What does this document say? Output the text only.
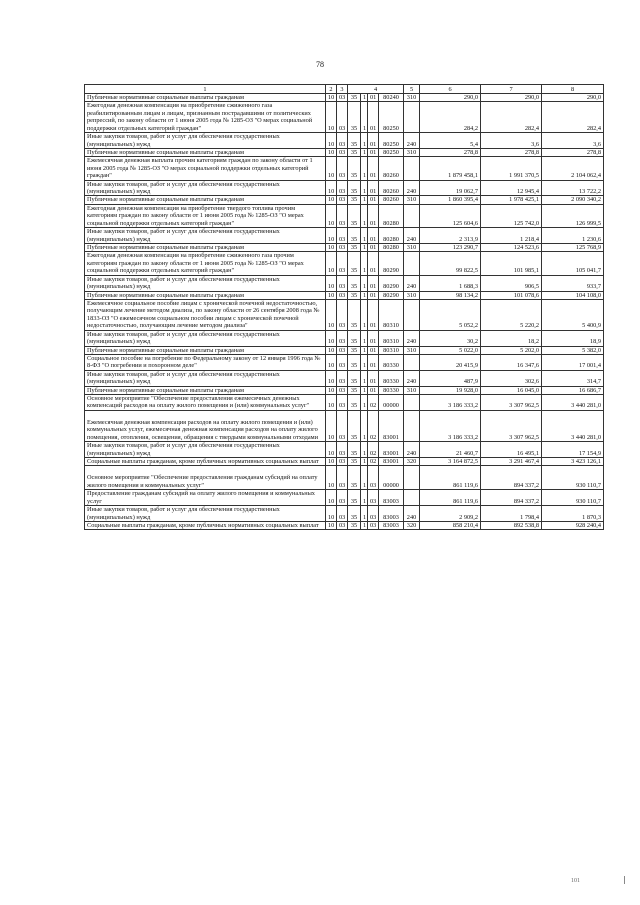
78
1	2	3	4				5	6	7	8
Публичные нормативные социальные выплаты гражданам	10	03	35	1	01	80240	310	290,0	290,0	290,0
Ежегодная денежная компенсация на приобретение сжиженного газа реабилитированным лицам и лицам, признанным пострадавшими от политических репрессий, по закону области от 1 июня 2005 года № 1285-ОЗ "О мерах социальной поддержки отдельных категорий граждан"	10	03	35	1	01	80250		284,2	282,4	282,4
Иные закупки товаров, работ и услуг для обеспечения государственных (муниципальных) нужд	10	03	35	1	01	80250	240	5,4	3,6	3,6
Публичные нормативные социальные выплаты гражданам	10	03	35	1	01	80250	310	278,8	278,8	278,8
Ежемесячная денежная выплата прочим категориям граждан по закону области от 1 июня 2005 года № 1285-ОЗ "О мерах социальной поддержки отдельных категорий граждан"	10	03	35	1	01	80260		1 879 458,1	1 991 370,5	2 104 062,4
Иные закупки товаров, работ и услуг для обеспечения государственных (муниципальных) нужд	10	03	35	1	01	80260	240	19 062,7	12 945,4	13 722,2
Публичные нормативные социальные выплаты гражданам	10	03	35	1	01	80260	310	1 860 395,4	1 978 425,1	2 090 340,2
Ежегодная денежная компенсация на приобретение твердого топлива прочим категориям граждан по закону области от 1 июня 2005 года № 1285-ОЗ "О мерах социальной поддержки отдельных категорий граждан"	10	03	35	1	01	80280		125 604,6	125 742,0	126 999,5
Иные закупки товаров, работ и услуг для обеспечения государственных (муниципальных) нужд	10	03	35	1	01	80280	240	2 313,9	1 218,4	1 230,6
Публичные нормативные социальные выплаты гражданам	10	03	35	1	01	80280	310	123 290,7	124 523,6	125 768,9
Ежегодная денежная компенсация на приобретение сжиженного газа прочим категориям граждан по закону области от 1 июня 2005 года № 1285-ОЗ "О мерах социальной поддержки отдельных категорий граждан"	10	03	35	1	01	80290		99 822,5	101 985,1	105 041,7
Иные закупки товаров, работ и услуг для обеспечения государственных (муниципальных) нужд	10	03	35	1	01	80290	240	1 688,3	906,5	933,7
Публичные нормативные социальные выплаты гражданам	10	03	35	1	01	80290	310	98 134,2	101 078,6	104 108,0
Ежемесячное социальное пособие лицам с хронической почечной недостаточностью, получающим лечение методом диализа, по закону области от 26 сентября 2008 года № 1833-ОЗ "О ежемесячном социальном пособии лицам с хронической почечной недостаточностью, получающим лечение методом диализа"	10	03	35	1	01	80310		5 052,2	5 220,2	5 400,9
Иные закупки товаров, работ и услуг для обеспечения государственных (муниципальных) нужд	10	03	35	1	01	80310	240	30,2	18,2	18,9
Публичные нормативные социальные выплаты гражданам	10	03	35	1	01	80310	310	5 022,0	5 202,0	5 382,0
Социальное пособие на погребение по Федеральному закону от 12 января 1996 года № 8-ФЗ "О погребении и похоронном деле"	10	03	35	1	01	80330		20 415,9	16 347,6	17 001,4
Иные закупки товаров, работ и услуг для обеспечения государственных (муниципальных) нужд	10	03	35	1	01	80330	240	487,9	302,6	314,7
Публичные нормативные социальные выплаты гражданам	10	03	35	1	01	80330	310	19 928,0	16 045,0	16 686,7
Основное мероприятие "Обеспечение предоставления ежемесячных денежных компенсаций расходов на оплату жилого помещения и (или) коммунальных услуг"	10	03	35	1	02	00000		3 186 333,2	3 307 962,5	3 440 281,0
Ежемесячная денежная компенсация расходов на оплату жилого помещения и (или) коммунальных услуг, ежемесячная денежная компенсация расходов на оплату жилого помещения, отопления, освещения, обращения с твердыми коммунальными отходами	10	03	35	1	02	83001		3 186 333,2	3 307 962,5	3 440 281,0
Иные закупки товаров, работ и услуг для обеспечения государственных (муниципальных) нужд	10	03	35	1	02	83001	240	21 460,7	16 495,1	17 154,9
Социальные выплаты гражданам, кроме публичных нормативных социальных выплат	10	03	35	1	02	83001	320	3 164 872,5	3 291 467,4	3 423 126,1
Основное мероприятие "Обеспечение предоставления гражданам субсидий на оплату жилого помещения и коммунальных услуг"	10	03	35	1	03	00000		861 119,6	894 337,2	930 110,7
Предоставление гражданам субсидий на оплату жилого помещения и коммунальных услуг	10	03	35	1	03	83003		861 119,6	894 337,2	930 110,7
Иные закупки товаров, работ и услуг для обеспечения государственных (муниципальных) нужд	10	03	35	1	03	83003	240	2 909,2	1 798,4	1 870,3
Социальные выплаты гражданам, кроме публичных нормативных социальных выплат	10	03	35	1	03	83003	320	858 210,4	892 538,8	928 240,4
101
